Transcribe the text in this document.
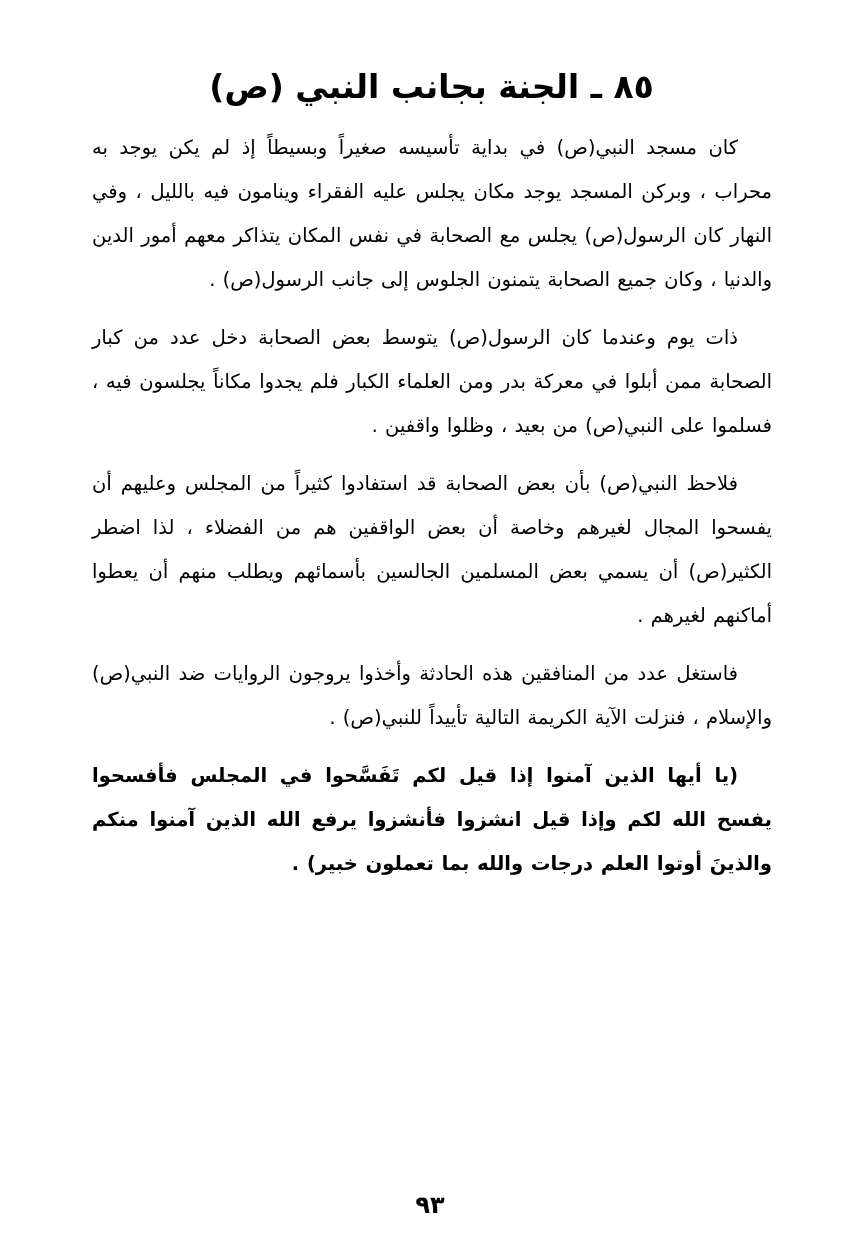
٨٥ ـ الجنة بجانب النبي (ص)

كان مسجد النبي(ص) في بداية تأسيسه صغيراً وبسيطاً إذ لم يكن يوجد به محراب ، وبركن المسجد يوجد مكان يجلس عليه الفقراء وينامون فيه بالليل ، وفي النهار كان الرسول(ص) يجلس مع الصحابة في نفس المكان يتذاكر معهم أمور الدين والدنيا ، وكان جميع الصحابة يتمنون الجلوس إلى جانب الرسول(ص) .

ذات يوم وعندما كان الرسول(ص) يتوسط بعض الصحابة دخل عدد من كبار الصحابة ممن أبلوا في معركة بدر ومن العلماء الكبار فلم يجدوا مكاناً يجلسون فيه ، فسلموا على النبي(ص) من بعيد ، وظلوا واقفين .

فلاحظ النبي(ص) بأن بعض الصحابة قد استفادوا كثيراً من المجلس وعليهم أن يفسحوا المجال لغيرهم وخاصة أن بعض الواقفين هم من الفضلاء ، لذا اضطر الكثير(ص) أن يسمي بعض المسلمين الجالسين بأسمائهم ويطلب منهم أن يعطوا أماكنهم لغيرهم .

فاستغل عدد من المنافقين هذه الحادثة وأخذوا يروجون الروايات ضد النبي(ص) والإسلام ، فنزلت الآية الكريمة التالية تأييداً للنبي(ص) .

(يا أيها الذين آمنوا إذا قيل لكم تَفَسَّحوا في المجلس فأفسحوا يفسح الله لكم وإذا قيل انشزوا فأنشزوا يرفع الله الذين آمنوا منكم والذينَ أوتوا العلم درجات والله بما تعملون خبير) .

٩٣
